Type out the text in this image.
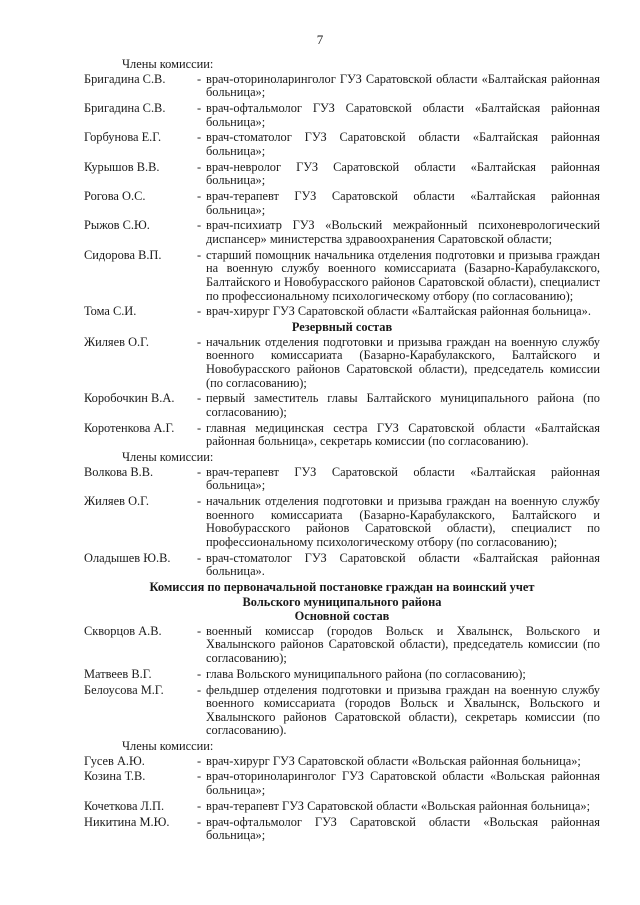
7
Члены комиссии:
Бригадина С.В.	- врач-оториноларинголог ГУЗ Саратовской области «Балтайская районная больница»;
Бригадина С.В.	- врач-офтальмолог ГУЗ Саратовской области «Балтайская районная больница»;
Горбунова Е.Г.	- врач-стоматолог ГУЗ Саратовской области «Балтайская районная больница»;
Курышов В.В.	- врач-невролог ГУЗ Саратовской области «Балтайская районная больница»;
Рогова О.С.	- врач-терапевт ГУЗ Саратовской области «Балтайская районная больница»;
Рыжов С.Ю.	- врач-психиатр ГУЗ «Вольский межрайонный психоневрологический диспансер» министерства здравоохранения Саратовской области;
Сидорова В.П.	- старший помощник начальника отделения подготовки и призыва граждан на военную службу военного комиссариата (Базарно-Карабулакского, Балтайского и Новобурасского районов Саратовской области), специалист по профессиональному психологическому отбору (по согласованию);
Тома С.И.	- врач-хирург ГУЗ Саратовской области «Балтайская районная больница».
Резервный состав
Жиляев О.Г.	- начальник отделения подготовки и призыва граждан на военную службу военного комиссариата (Базарно-Карабулакского, Балтайского и Новобурасского районов Саратовской области), председатель комиссии (по согласованию);
Коробочкин В.А.	- первый заместитель главы Балтайского муниципального района (по согласованию);
Коротенкова А.Г.	- главная медицинская сестра ГУЗ Саратовской области «Балтайская районная больница», секретарь комиссии (по согласованию).
Члены комиссии:
Волкова В.В.	- врач-терапевт ГУЗ Саратовской области «Балтайская районная больница»;
Жиляев О.Г.	- начальник отделения подготовки и призыва граждан на военную службу военного комиссариата (Базарно-Карабулакского, Балтайского и Новобурасского районов Саратовской области), специалист по профессиональному психологическому отбору (по согласованию);
Оладышев Ю.В.	- врач-стоматолог ГУЗ Саратовской области «Балтайская районная больница».
Комиссия по первоначальной постановке граждан на воинский учет
Вольского муниципального района
Основной состав
Скворцов А.В.	- военный комиссар (городов Вольск и Хвалынск, Вольского и Хвалынского районов Саратовской области), председатель комиссии (по согласованию);
Матвеев В.Г.	- глава Вольского муниципального района (по согласованию);
Белоусова М.Г.	- фельдшер отделения подготовки и призыва граждан на военную службу военного комиссариата (городов Вольск и Хвалынск, Вольского и Хвалынского районов Саратовской области), секретарь комиссии (по согласованию).
Члены комиссии:
Гусев А.Ю.	- врач-хирург ГУЗ Саратовской области «Вольская районная больница»;
Козина Т.В.	- врач-оториноларинголог ГУЗ Саратовской области «Вольская районная больница»;
Кочеткова Л.П.	- врач-терапевт ГУЗ Саратовской области «Вольская районная больница»;
Никитина М.Ю.	- врач-офтальмолог ГУЗ Саратовской области «Вольская районная больница»;
